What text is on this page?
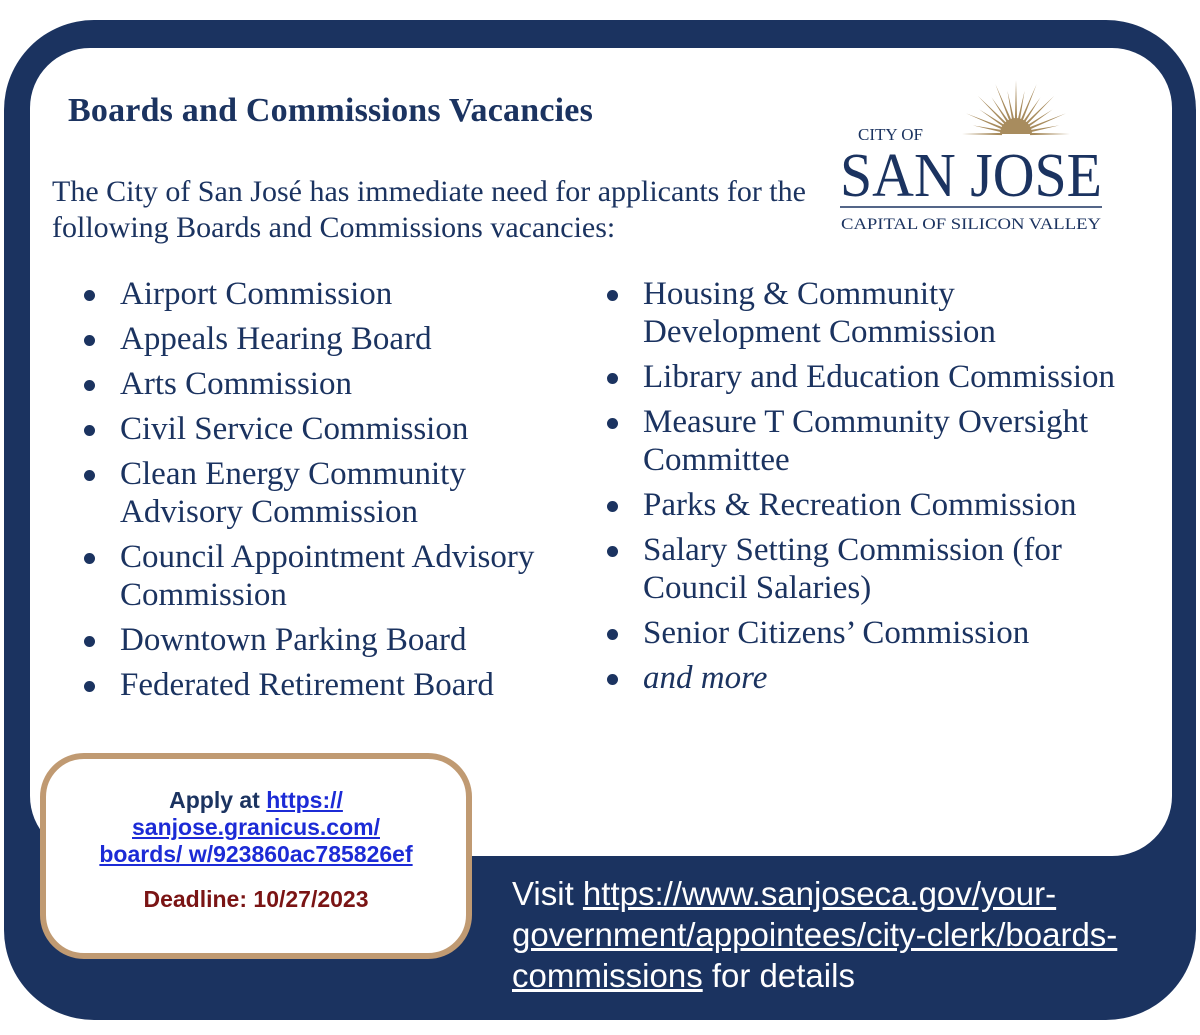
Boards and Commissions Vacancies

The City of San José has immediate need for applicants for the following Boards and Commissions vacancies:

CITY OF
SAN JOSE
CAPITAL OF SILICON VALLEY
Airport Commission
Appeals Hearing Board
Arts Commission
Civil Service Commission
Clean Energy Community Advisory Commission
Council Appointment Advisory Commission
Downtown Parking Board
Federated Retirement Board
Housing & Community Development Commission
Library and Education Commission
Measure T Community Oversight Committee
Parks & Recreation Commission
Salary Setting Commission (for Council Salaries)
Senior Citizens’ Commission
and more
Apply at https:// sanjose.granicus.com/ boards/ w/923860ac785826ef
Deadline: 10/27/2023	Visit https://www.sanjoseca.gov/your-government/appointees/city-clerk/boards-commissions for details
